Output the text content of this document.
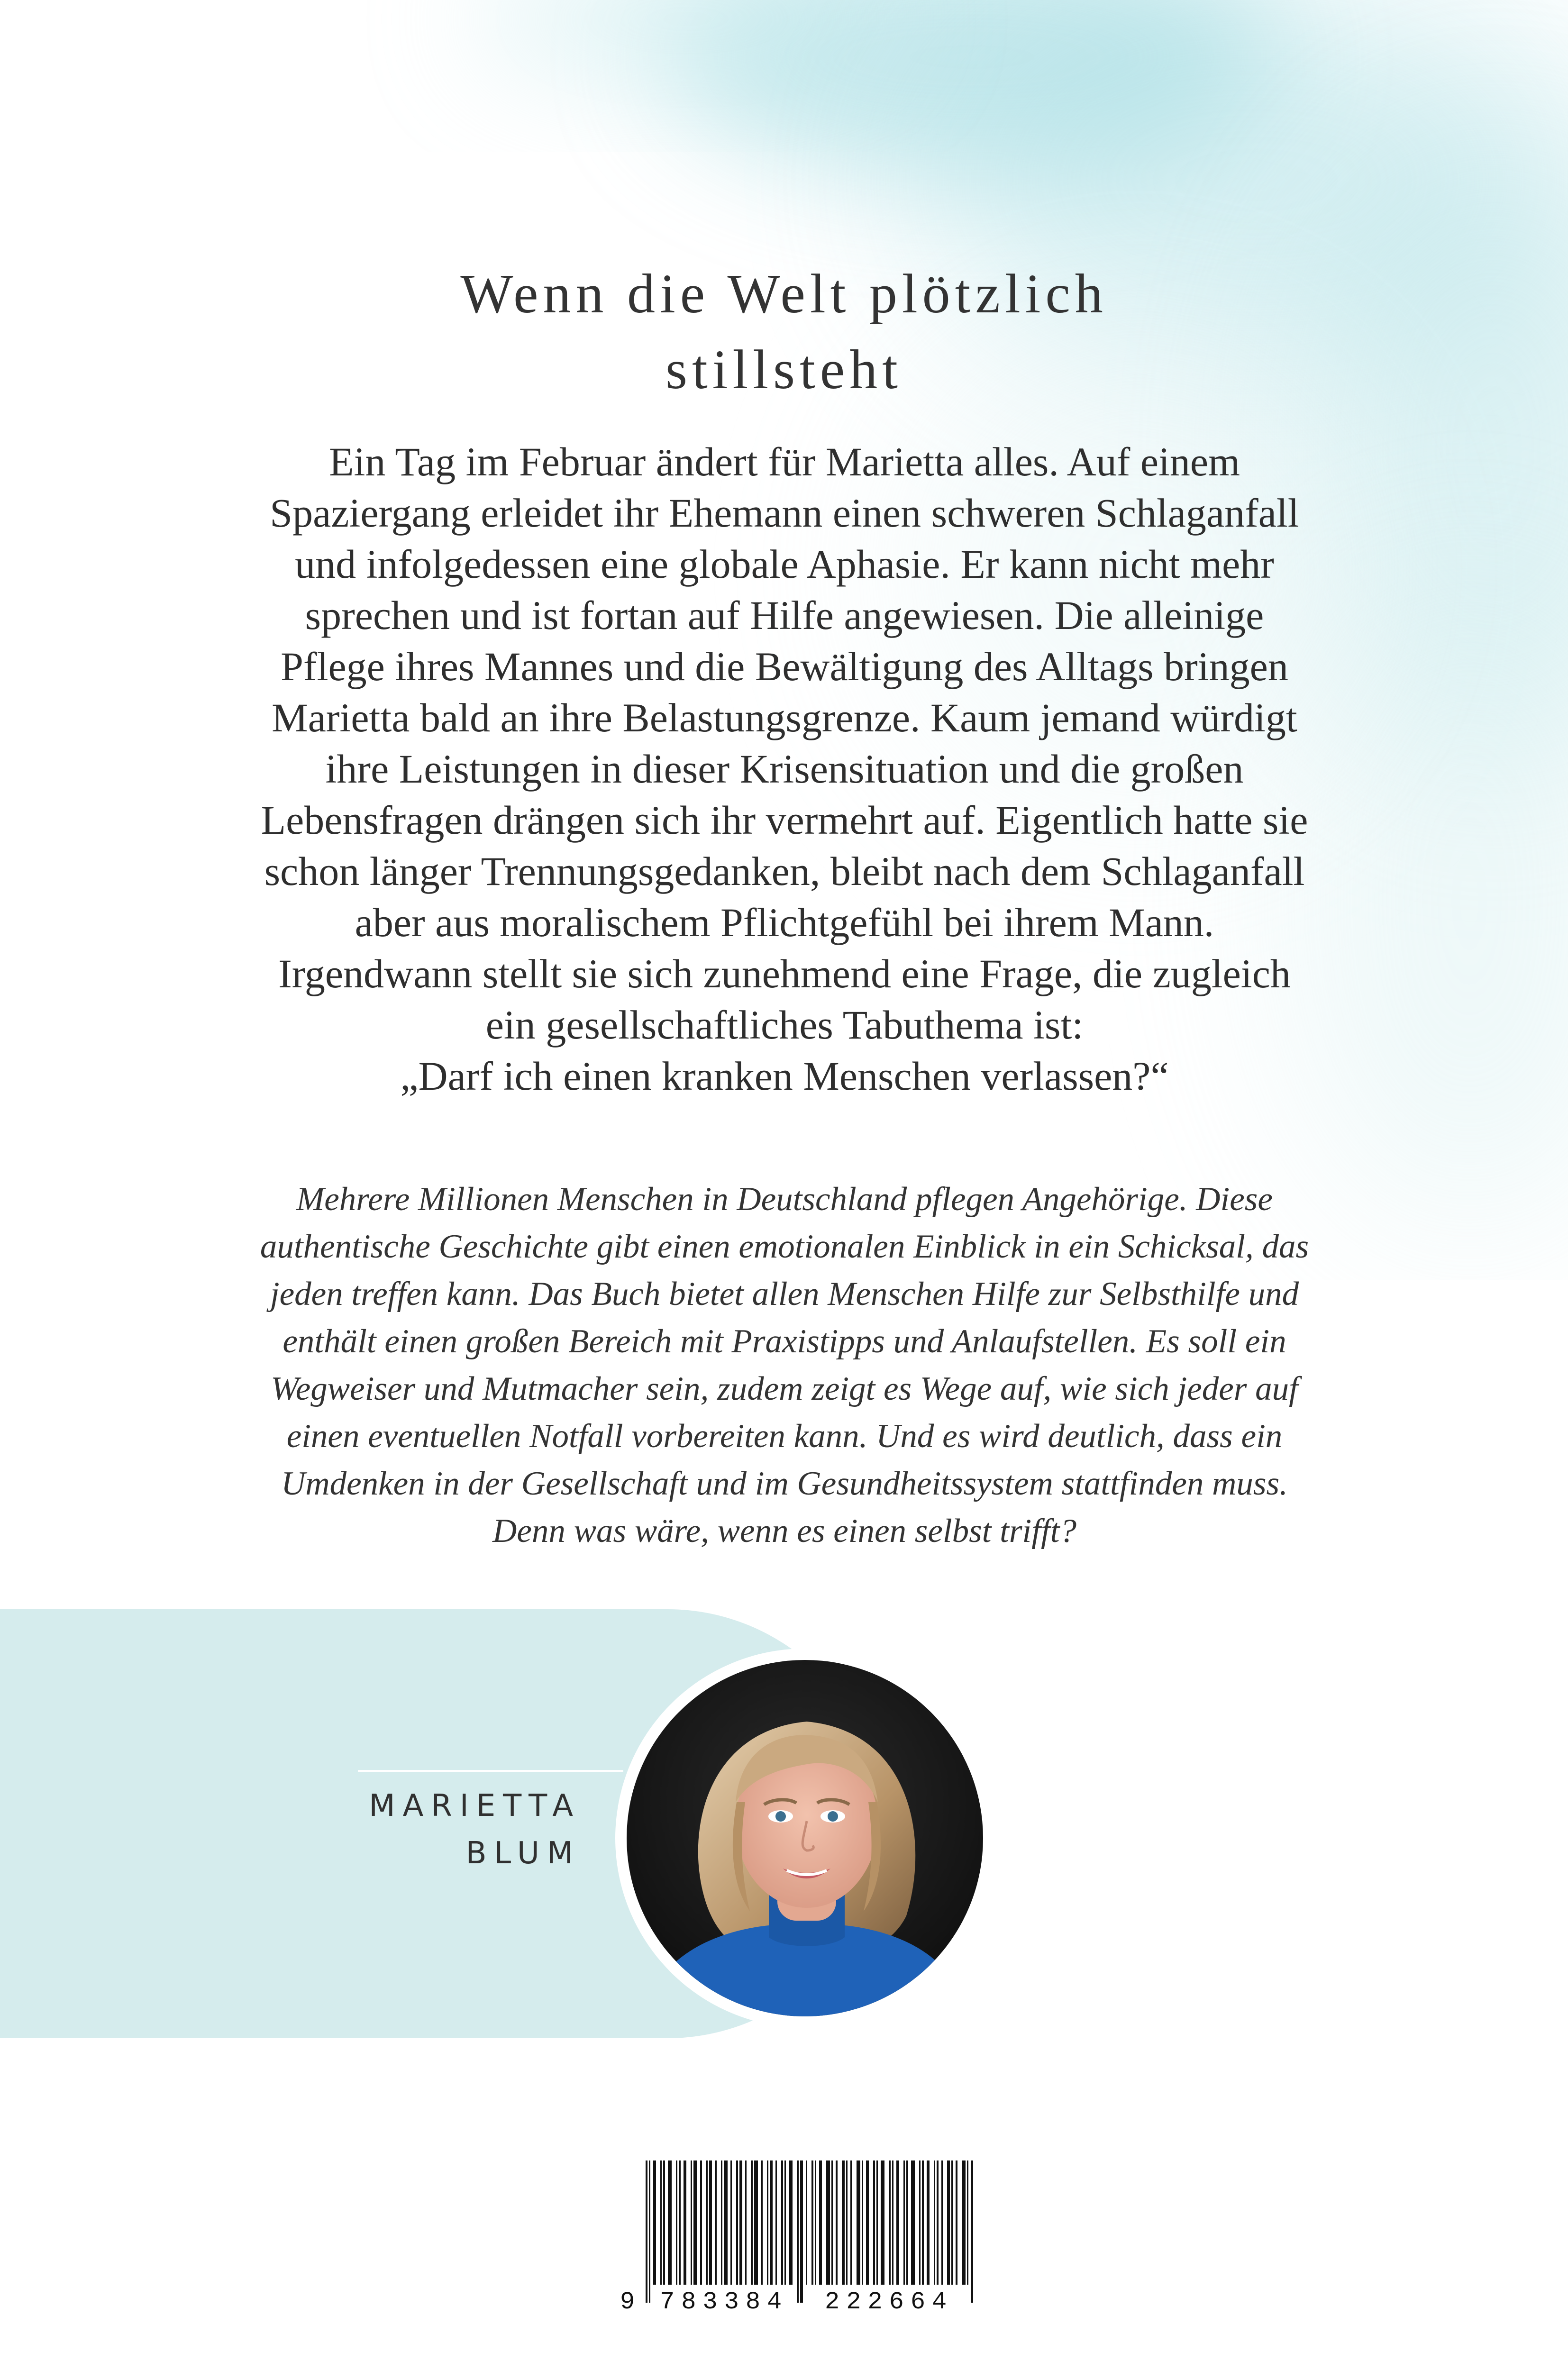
Wenn die Welt plötzlich
stillsteht
Ein Tag im Februar ändert für Marietta alles. Auf einem
Spaziergang erleidet ihr Ehemann einen schweren Schlaganfall
und infolgedessen eine globale Aphasie. Er kann nicht mehr
sprechen und ist fortan auf Hilfe angewiesen. Die alleinige
Pflege ihres Mannes und die Bewältigung des Alltags bringen
Marietta bald an ihre Belastungsgrenze. Kaum jemand würdigt
ihre Leistungen in dieser Krisensituation und die großen
Lebensfragen drängen sich ihr vermehrt auf. Eigentlich hatte sie
schon länger Trennungsgedanken, bleibt nach dem Schlaganfall
aber aus moralischem Pflichtgefühl bei ihrem Mann.
Irgendwann stellt sie sich zunehmend eine Frage, die zugleich
ein gesellschaftliches Tabuthema ist:
„Darf ich einen kranken Menschen verlassen?“
Mehrere Millionen Menschen in Deutschland pflegen Angehörige. Diese
authentische Geschichte gibt einen emotionalen Einblick in ein Schicksal, das
jeden treffen kann. Das Buch bietet allen Menschen Hilfe zur Selbsthilfe und
enthält einen großen Bereich mit Praxistipps und Anlaufstellen. Es soll ein
Wegweiser und Mutmacher sein, zudem zeigt es Wege auf, wie sich jeder auf
einen eventuellen Notfall vorbereiten kann. Und es wird deutlich, dass ein
Umdenken in der Gesellschaft und im Gesundheitssystem stattfinden muss.
Denn was wäre, wenn es einen selbst trifft?
MARIETTA
BLUM
9 783384 222664
